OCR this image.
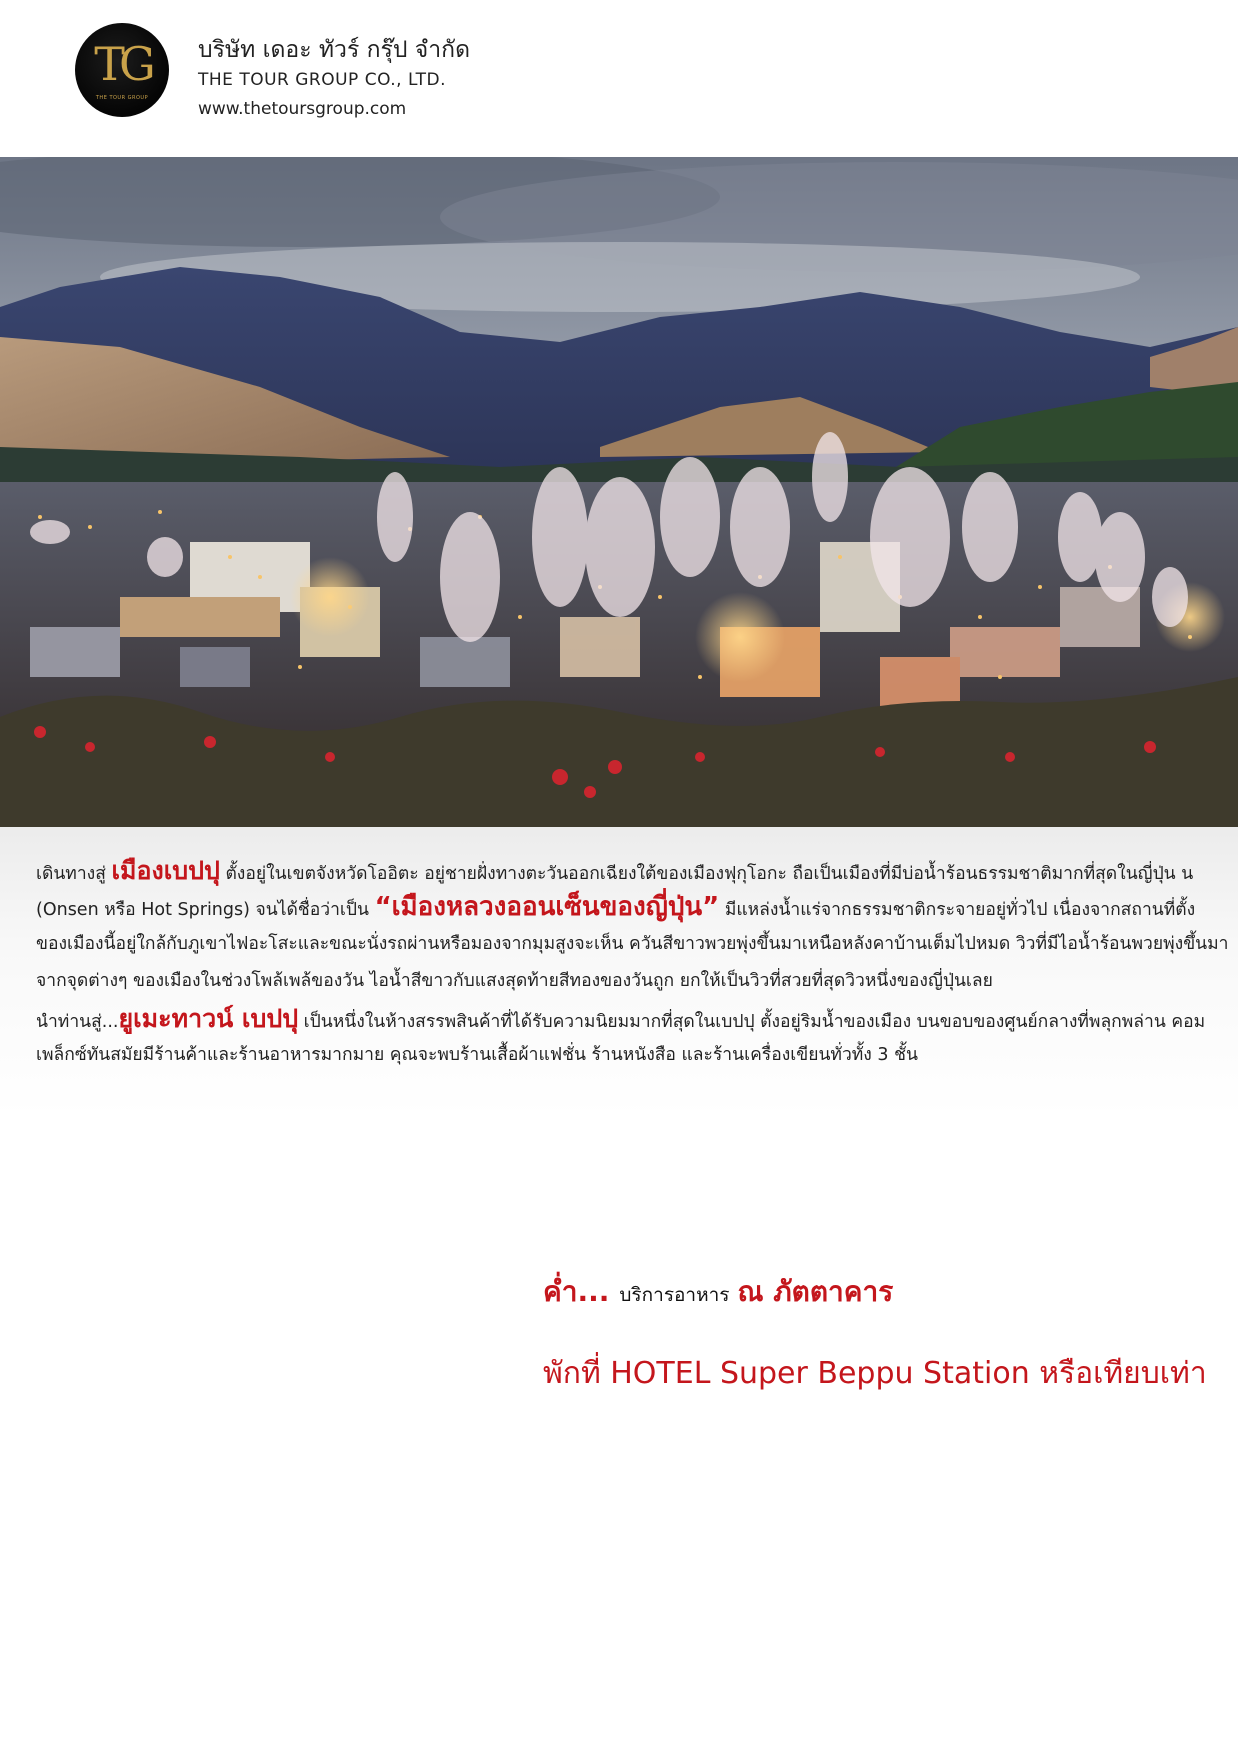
TG
THE TOUR GROUP
บริษัท เดอะ ทัวร์ กรุ๊ป จำกัด
THE TOUR GROUP CO., LTD.
www.thetoursgroup.com
เดินทางสู่ เมืองเบปปุ ตั้งอยู่ในเขตจังหวัดโออิตะ อยู่ชายฝั่งทางตะวันออกเฉียงใต้ของเมืองฟุกุโอกะ ถือเป็นเมืองที่มีบ่อน้ำร้อนธรรมชาติมากที่สุดในญี่ปุ่น น
(Onsen หรือ Hot Springs) จนได้ชื่อว่าเป็น “เมืองหลวงออนเซ็นของญี่ปุ่น” มีแหล่งน้ำแร่จากธรรมชาติกระจายอยู่ทั่วไป เนื่องจากสถานที่ตั้ง
ของเมืองนี้อยู่ใกล้กับภูเขาไฟอะโสะและขณะนั่งรถผ่านหรือมองจากมุมสูงจะเห็น ควันสีขาวพวยพุ่งขึ้นมาเหนือหลังคาบ้านเต็มไปหมด วิวที่มีไอน้ำร้อนพวยพุ่งขึ้นมา
จากจุดต่างๆ ของเมืองในช่วงโพล้เพล้ของวัน ไอน้ำสีขาวกับแสงสุดท้ายสีทองของวันถูก ยกให้เป็นวิวที่สวยที่สุดวิวหนึ่งของญี่ปุ่นเลย
นำท่านสู่...ยูเมะทาวน์ เบปปุ เป็นหนึ่งในห้างสรรพสินค้าที่ได้รับความนิยมมากที่สุดในเบปปุ ตั้งอยู่ริมน้ำของเมือง บนขอบของศูนย์กลางที่พลุกพล่าน คอม
เพล็กซ์ทันสมัยมีร้านค้าและร้านอาหารมากมาย คุณจะพบร้านเสื้อผ้าแฟชั่น ร้านหนังสือ และร้านเครื่องเขียนทั่วทั้ง 3 ชั้น
ค่ำ... บริการอาหาร ณ ภัตตาคาร
พักที่ HOTEL Super Beppu Station หรือเทียบเท่า
